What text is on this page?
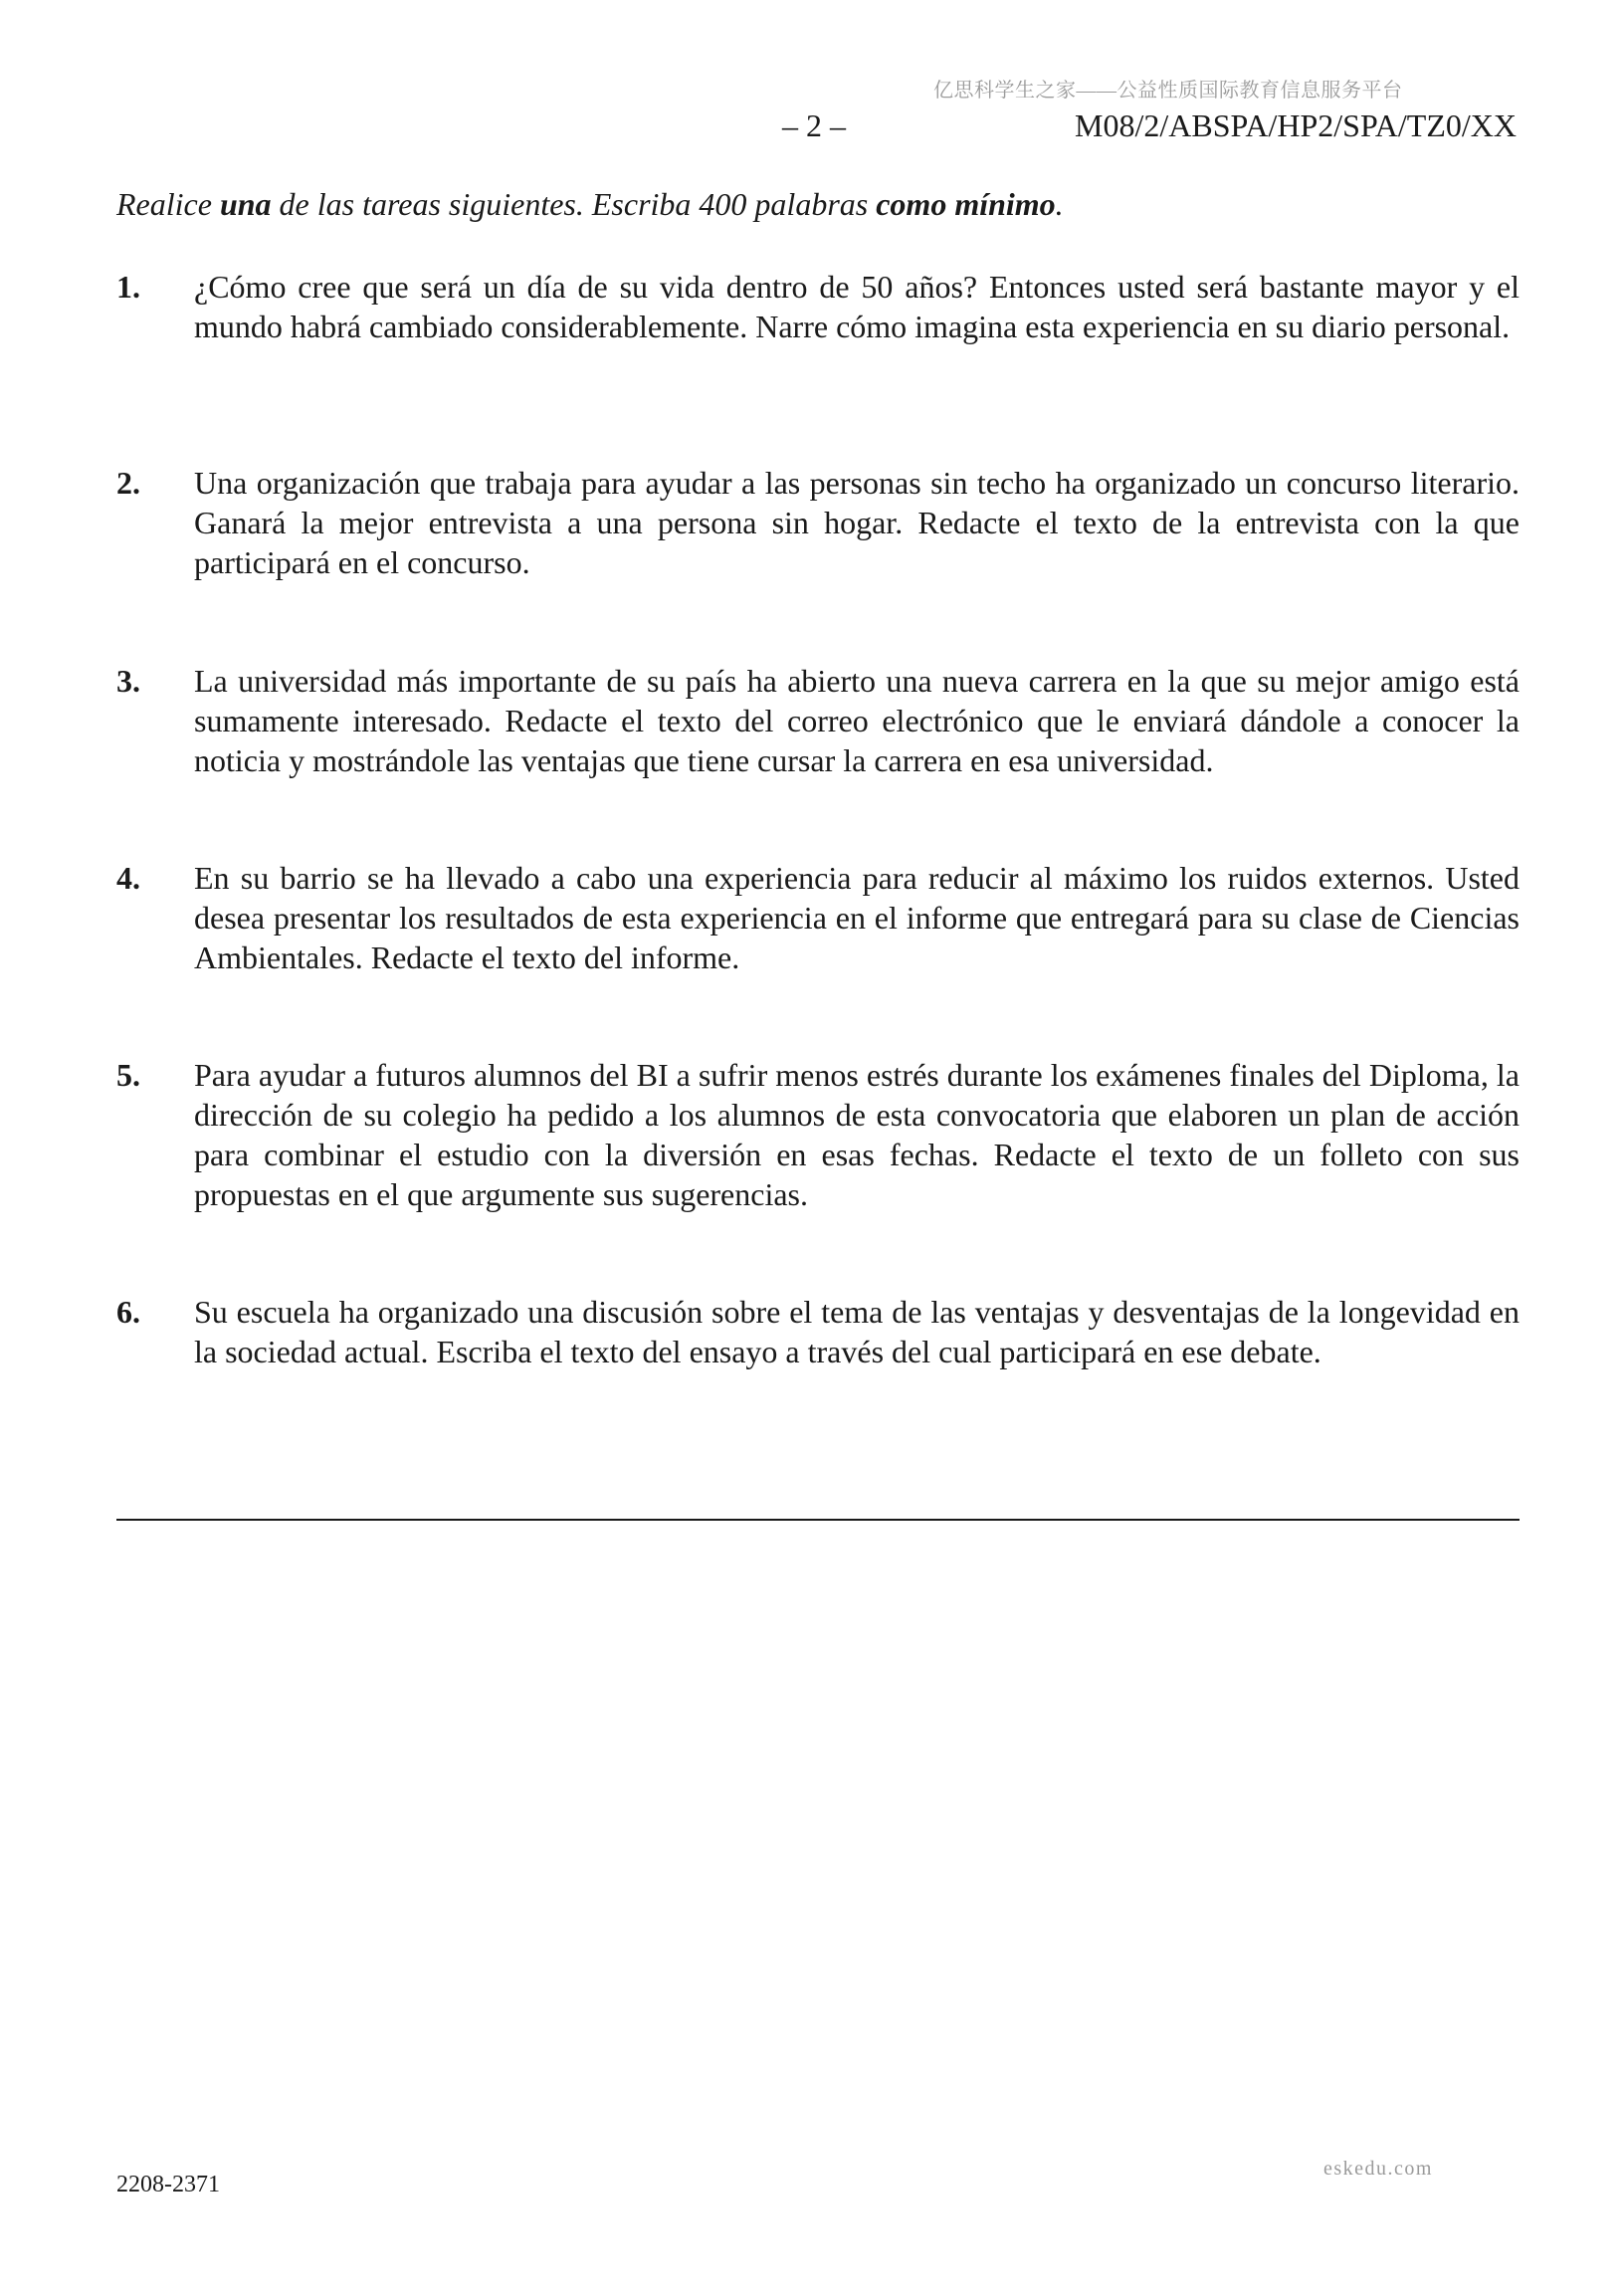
亿思科学生之家——公益性质国际教育信息服务平台
– 2 –	M08/2/ABSPA/HP2/SPA/TZ0/XX
Realice una de las tareas siguientes. Escriba 400 palabras como mínimo.
1.	¿Cómo cree que será un día de su vida dentro de 50 años? Entonces usted será bastante mayor y el mundo habrá cambiado considerablemente. Narre cómo imagina esta experiencia en su diario personal.
2.	Una organización que trabaja para ayudar a las personas sin techo ha organizado un concurso literario. Ganará la mejor entrevista a una persona sin hogar. Redacte el texto de la entrevista con la que participará en el concurso.
3.	La universidad más importante de su país ha abierto una nueva carrera en la que su mejor amigo está sumamente interesado. Redacte el texto del correo electrónico que le enviará dándole a conocer la noticia y mostrándole las ventajas que tiene cursar la carrera en esa universidad.
4.	En su barrio se ha llevado a cabo una experiencia para reducir al máximo los ruidos externos. Usted desea presentar los resultados de esta experiencia en el informe que entregará para su clase de Ciencias Ambientales. Redacte el texto del informe.
5.	Para ayudar a futuros alumnos del BI a sufrir menos estrés durante los exámenes finales del Diploma, la dirección de su colegio ha pedido a los alumnos de esta convocatoria que elaboren un plan de acción para combinar el estudio con la diversión en esas fechas. Redacte el texto de un folleto con sus propuestas en el que argumente sus sugerencias.
6.	Su escuela ha organizado una discusión sobre el tema de las ventajas y desventajas de la longevidad en la sociedad actual. Escriba el texto del ensayo a través del cual participará en ese debate.
eskedu.com
2208-2371
